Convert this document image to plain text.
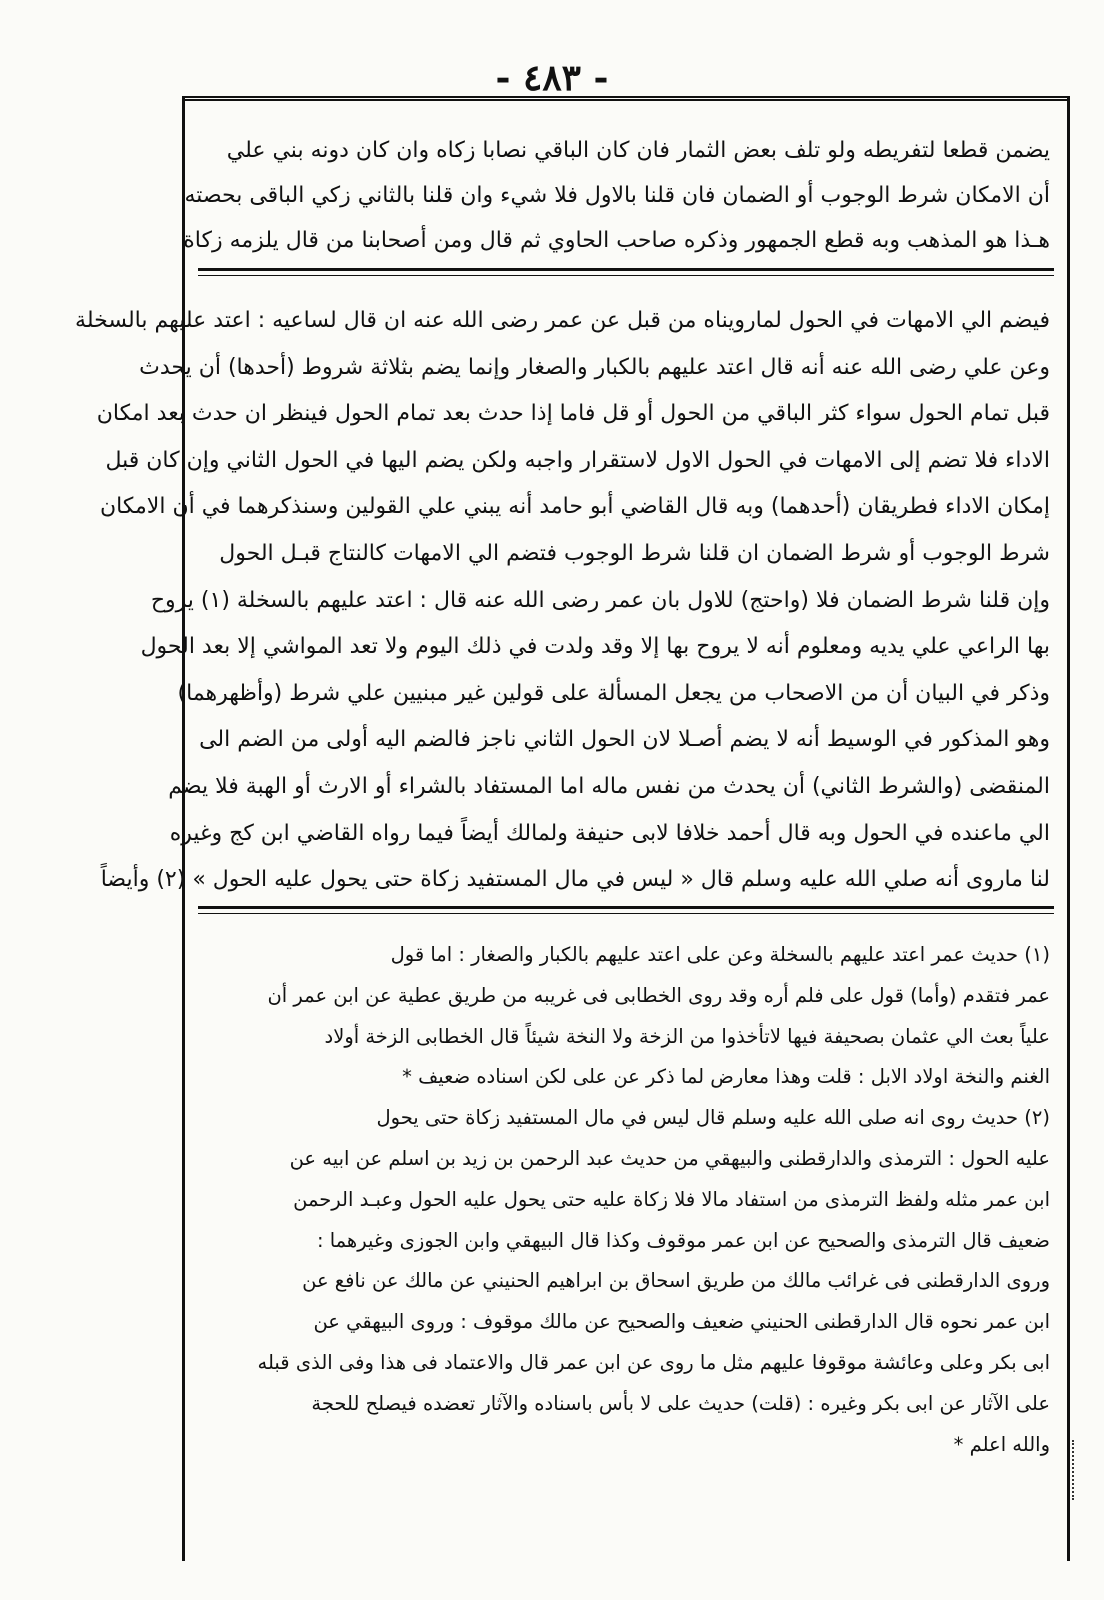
- ٤٨٣ -

يضمن قطعا لتفريطه ولو تلف بعض الثمار فان كان الباقي نصابا زكاه وان كان دونه بني علي

أن الامكان شرط الوجوب أو الضمان فان قلنا بالاول فلا شيء وان قلنا بالثاني زكي الباقى بحصته

هـذا هو المذهب وبه قطع الجمهور وذكره صاحب الحاوي ثم قال ومن أصحابنا من قال يلزمه زكاة

فيضم الي الامهات في الحول لمارويناه من قبل عن عمر رضى الله عنه ان قال لساعيه : اعتد عليهم بالسخلة

وعن علي رضى الله عنه أنه قال اعتد عليهم بالكبار والصغار وإنما يضم بثلاثة شروط (أحدها) أن يحدث

قبل تمام الحول سواء كثر الباقي من الحول أو قل فاما إذا حدث بعد تمام الحول فينظر ان حدث بعد امكان

الاداء فلا تضم إلى الامهات في الحول الاول لاستقرار واجبه ولكن يضم اليها في الحول الثاني وإن كان قبل

إمكان الاداء فطريقان (أحدهما) وبه قال القاضي أبو حامد أنه يبني علي القولين وسنذكرهما في أن الامكان

شرط الوجوب أو شرط الضمان ان قلنا شرط الوجوب فتضم الي الامهات كالنتاج قبـل الحول

وإن قلنا شرط الضمان فلا (واحتج) للاول بان عمر رضى الله عنه قال : اعتد عليهم بالسخلة (١) يروح

بها الراعي علي يديه ومعلوم أنه لا يروح بها إلا وقد ولدت في ذلك اليوم ولا تعد المواشي إلا بعد الحول

وذكر في البيان أن من الاصحاب من يجعل المسألة على قولين غير مبنيين علي شرط (وأظهرهما)

وهو المذكور في الوسيط أنه لا يضم أصـلا لان الحول الثاني ناجز فالضم اليه أولى من الضم الى

المنقضى (والشرط الثاني) أن يحدث من نفس ماله اما المستفاد بالشراء أو الارث أو الهبة فلا يضم

الي ماعنده في الحول وبه قال أحمد خلافا لابى حنيفة ولمالك أيضاً فيما رواه القاضي ابن كج وغيره

لنا ماروى أنه صلي الله عليه وسلم قال « ليس في مال المستفيد زكاة حتى يحول عليه الحول » (٢) وأيضاً

(١) حديث عمر اعتد عليهم بالسخلة وعن على اعتد عليهم بالكبار والصغار : اما قول

عمر فتقدم (وأما) قول على فلم أره وقد روى الخطابى فى غريبه من طريق عطية عن ابن عمر أن

علياً بعث الي عثمان بصحيفة فيها لاتأخذوا من الزخة ولا النخة شيئاً قال الخطابى الزخة أولاد

الغنم والنخة اولاد الابل : قلت وهذا معارض لما ذكر عن على لكن اسناده ضعيف *

(٢) حديث روى انه صلى الله عليه وسلم قال ليس في مال المستفيد زكاة حتى يحول

عليه الحول : الترمذى والدارقطنى والبيهقي من حديث عبد الرحمن بن زيد بن اسلم عن ابيه عن

ابن عمر مثله ولفظ الترمذى من استفاد مالا فلا زكاة عليه حتى يحول عليه الحول وعبـد الرحمن

ضعيف قال الترمذى والصحيح عن ابن عمر موقوف وكذا قال البيهقي وابن الجوزى وغيرهما :

وروى الدارقطنى فى غرائب مالك من طريق اسحاق بن ابراهيم الحنيني عن مالك عن نافع عن

ابن عمر نحوه قال الدارقطنى الحنيني ضعيف والصحيح عن مالك موقوف : وروى البيهقي عن

ابى بكر وعلى وعائشة موقوفا عليهم مثل ما روى عن ابن عمر قال والاعتماد فى هذا وفى الذى قبله

على الآثار عن ابى بكر وغيره : (قلت) حديث على لا بأس باسناده والآثار تعضده فيصلح للحجة

والله اعلم *
